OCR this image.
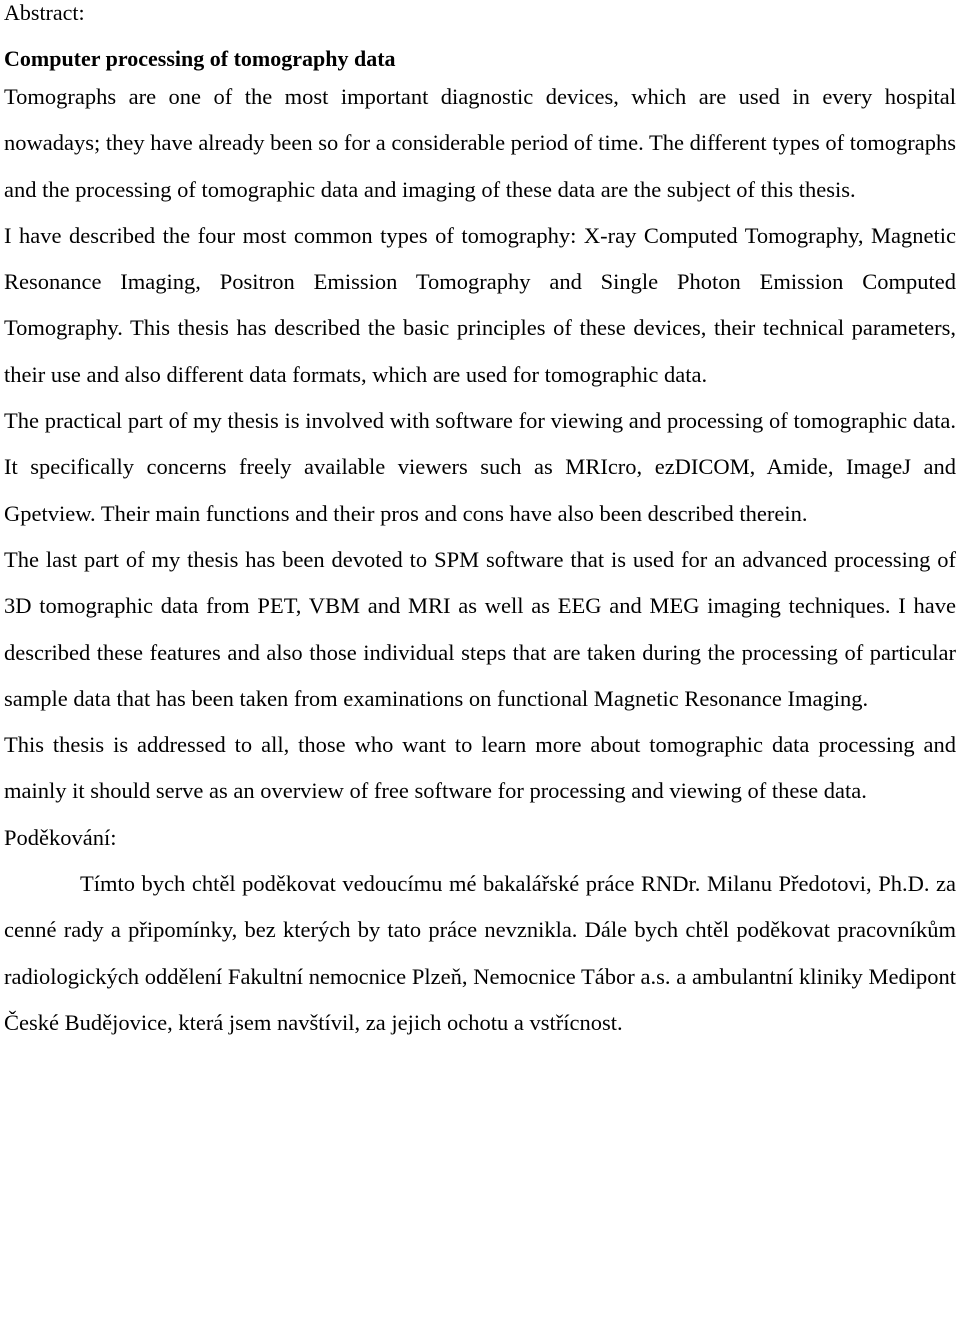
Abstract:

Computer processing of tomography data

Tomographs are one of the most important diagnostic devices, which are used in every hospital nowadays; they have already been so for a considerable period of time. The different types of tomographs and the processing of tomographic data and imaging of these data are the subject of this thesis.

I have described the four most common types of tomography: X-ray Computed Tomography, Magnetic Resonance Imaging, Positron Emission Tomography and Single Photon Emission Computed Tomography. This thesis has described the basic principles of these devices, their technical parameters, their use and also different data formats, which are used for tomographic data.

The practical part of my thesis is involved with software for viewing and processing of tomographic data. It specifically concerns freely available viewers such as MRIcro, ezDICOM, Amide, ImageJ and Gpetview. Their main functions and their pros and cons have also been described therein.

The last part of my thesis has been devoted to SPM software that is used for an advanced processing of 3D tomographic data from PET, VBM and MRI as well as EEG and MEG imaging techniques. I have described these features and also those individual steps that are taken during the processing of particular sample data that has been taken from examinations on functional Magnetic Resonance Imaging.

This thesis is addressed to all, those who want to learn more about tomographic data processing and mainly it should serve as an overview of free software for processing and viewing of these data.

Poděkování:

Tímto bych chtěl poděkovat vedoucímu mé bakalářské práce RNDr. Milanu Předotovi, Ph.D. za cenné rady a připomínky, bez kterých by tato práce nevznikla. Dále bych chtěl poděkovat pracovníkům radiologických oddělení Fakultní nemocnice Plzeň, Nemocnice Tábor a.s. a ambulantní kliniky Medipont České Budějovice, která jsem navštívil, za jejich ochotu a vstřícnost.
